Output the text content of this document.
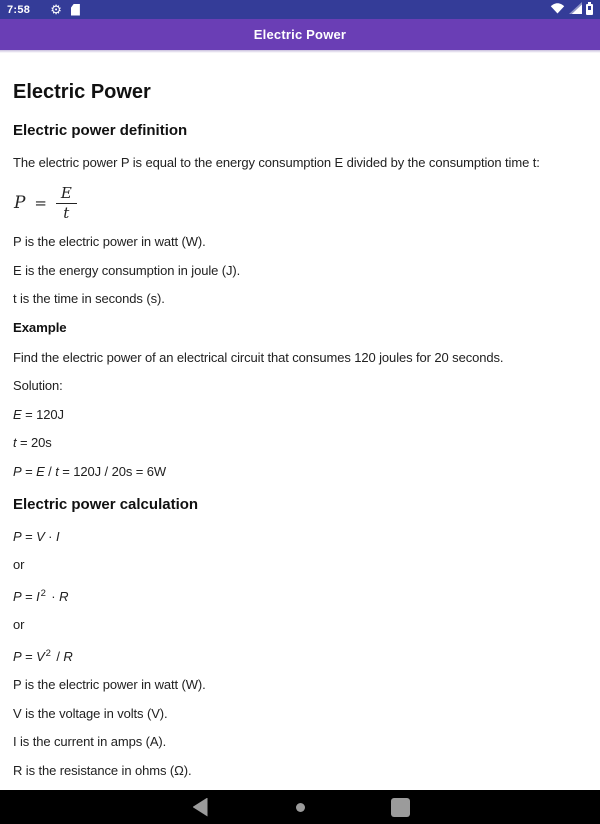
7:58 ⚙
Electric Power
Electric Power
Electric power definition

The electric power P is equal to the energy consumption E divided by the consumption time t:

$P = \frac{E}{t}$

P is the electric power in watt (W).

E is the energy consumption in joule (J).

t is the time in seconds (s).

Example

Find the electric power of an electrical circuit that consumes 120 joules for 20 seconds.

Solution:

E = 120J

t = 20s

P = E / t = 120J / 20s = 6W

Electric power calculation

P = V · I

or

$P = I^2 \cdot R$

or

$P = V^2 / R$

P is the electric power in watt (W).

V is the voltage in volts (V).

I is the current in amps (A).

R is the resistance in ohms (Ω).
